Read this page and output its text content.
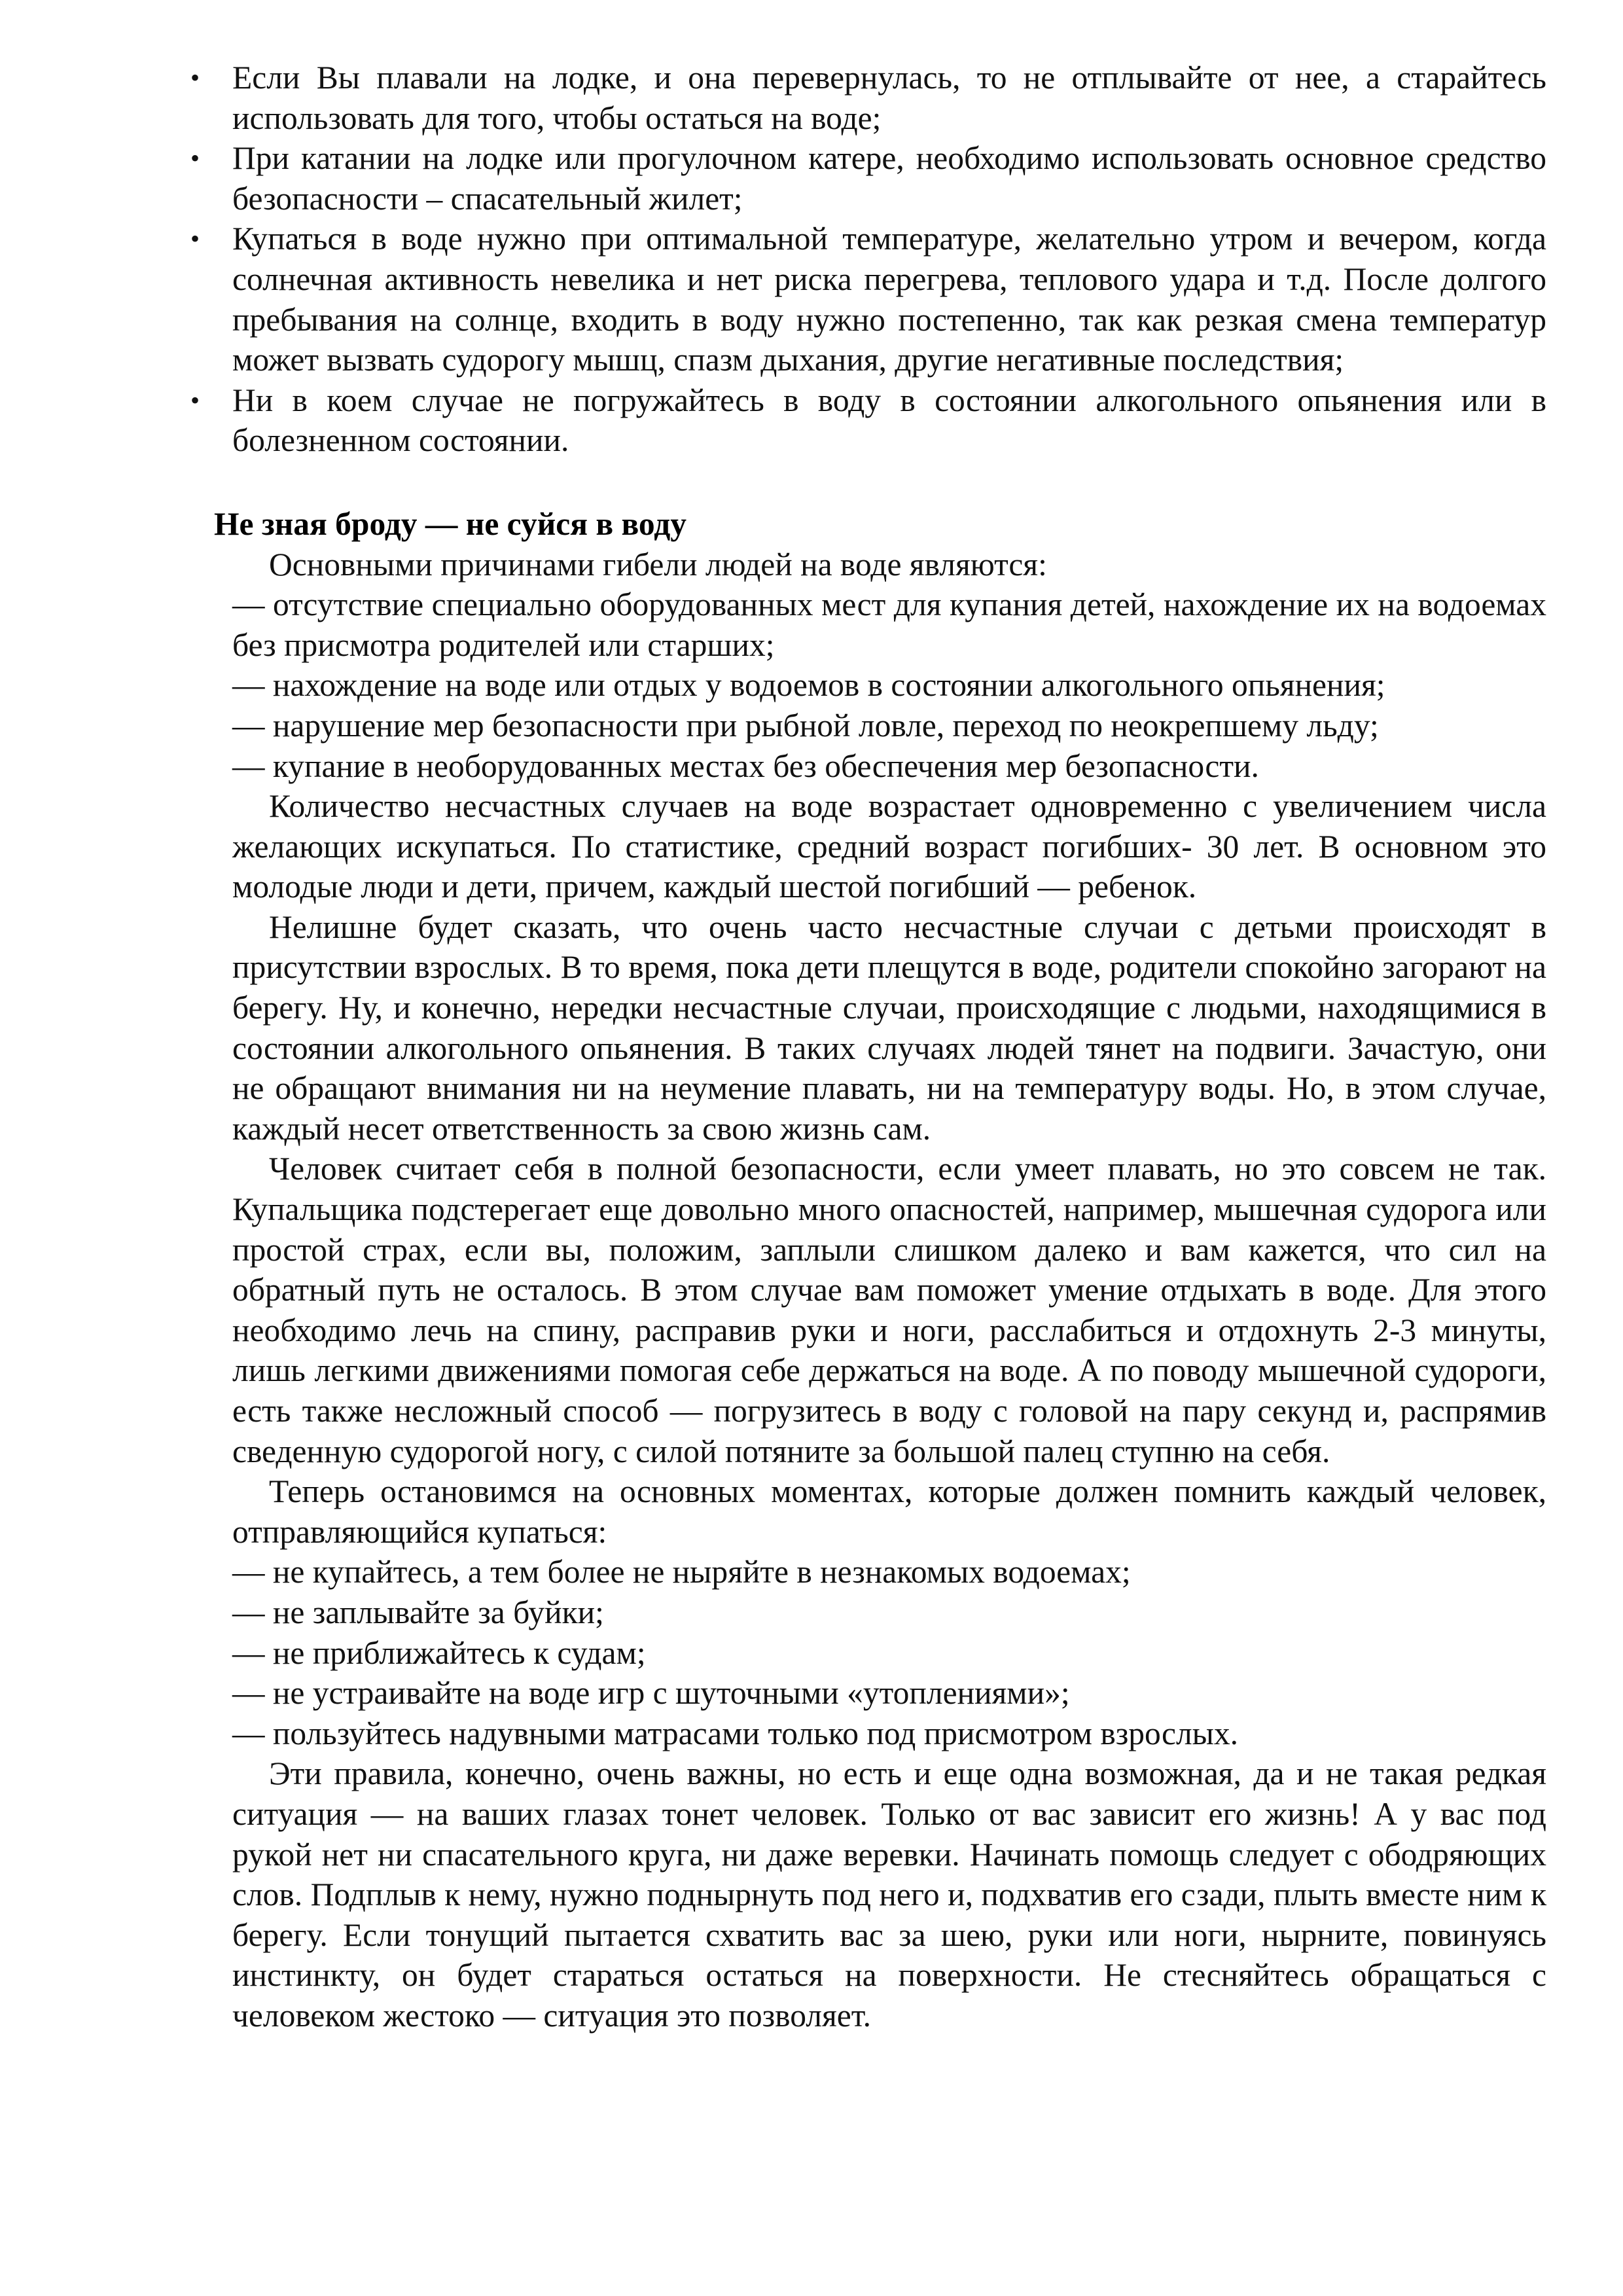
• Если Вы плавали на лодке, и она перевернулась, то не отплывайте от нее, а старайтесь использовать для того, чтобы остаться на воде;
• При катании на лодке или прогулочном катере, необходимо использовать основное средство безопасности – спасательный жилет;
• Купаться в воде нужно при оптимальной температуре, желательно утром и вечером, когда солнечная активность невелика и нет риска перегрева, теплового удара и т.д. После долгого пребывания на солнце, входить в воду нужно постепенно, так как резкая смена температур может вызвать судорогу мышц, спазм дыхания, другие негативные последствия;
• Ни в коем случае не погружайтесь в воду в состоянии алкогольного опьянения или в болезненном состоянии.
Не зная броду — не суйся в воду

Основными причинами гибели людей на воде являются:

— отсутствие специально оборудованных мест для купания детей, нахождение их на водоемах без присмотра родителей или старших;

— нахождение на воде или отдых у водоемов в состоянии алкогольного опьянения;

— нарушение мер безопасности при рыбной ловле, переход по неокрепшему льду;

— купание в необорудованных местах без обеспечения мер безопасности.

Количество несчастных случаев на воде возрастает одновременно с увеличением числа желающих искупаться. По статистике, средний возраст погибших- 30 лет. В основном это молодые люди и дети, причем, каждый шестой погибший — ребенок.

Нелишне будет сказать, что очень часто несчастные случаи с детьми происходят в присутствии взрослых. В то время, пока дети плещутся в воде, родители спокойно загорают на берегу. Ну, и конечно, нередки несчастные случаи, происходящие с людьми, находящимися в состоянии алкогольного опьянения. В таких случаях людей тянет на подвиги. Зачастую, они не обращают внимания ни на неумение плавать, ни на температуру воды. Но, в этом случае, каждый несет ответственность за свою жизнь сам.

Человек считает себя в полной безопасности, если умеет плавать, но это совсем не так. Купальщика подстерегает еще довольно много опасностей, например, мышечная судорога или простой страх, если вы, положим, заплыли слишком далеко и вам кажется, что сил на обратный путь не осталось. В этом случае вам поможет умение отдыхать в воде. Для этого необходимо лечь на спину, расправив руки и ноги, расслабиться и отдохнуть 2-3 минуты, лишь легкими движениями помогая себе держаться на воде. А по поводу мышечной судороги, есть также несложный способ — погрузитесь в воду с головой на пару секунд и, распрямив сведенную судорогой ногу, с силой потяните за большой палец ступню на себя.

Теперь остановимся на основных моментах, которые должен помнить каждый человек, отправляющийся купаться:

— не купайтесь, а тем более не ныряйте в незнакомых водоемах;

— не заплывайте за буйки;

— не приближайтесь к судам;

— не устраивайте на воде игр с шуточными «утоплениями»;

— пользуйтесь надувными матрасами только под присмотром взрослых.

Эти правила, конечно, очень важны, но есть и еще одна возможная, да и не такая редкая ситуация — на ваших глазах тонет человек. Только от вас зависит его жизнь! А у вас под рукой нет ни спасательного круга, ни даже веревки. Начинать помощь следует с ободряющих слов. Подплыв к нему, нужно поднырнуть под него и, подхватив его сзади, плыть вместе ним к берегу. Если тонущий пытается схватить вас за шею, руки или ноги, нырните, повинуясь инстинкту, он будет стараться остаться на поверхности. Не стесняйтесь обращаться с человеком жестоко — ситуация это позволяет.
